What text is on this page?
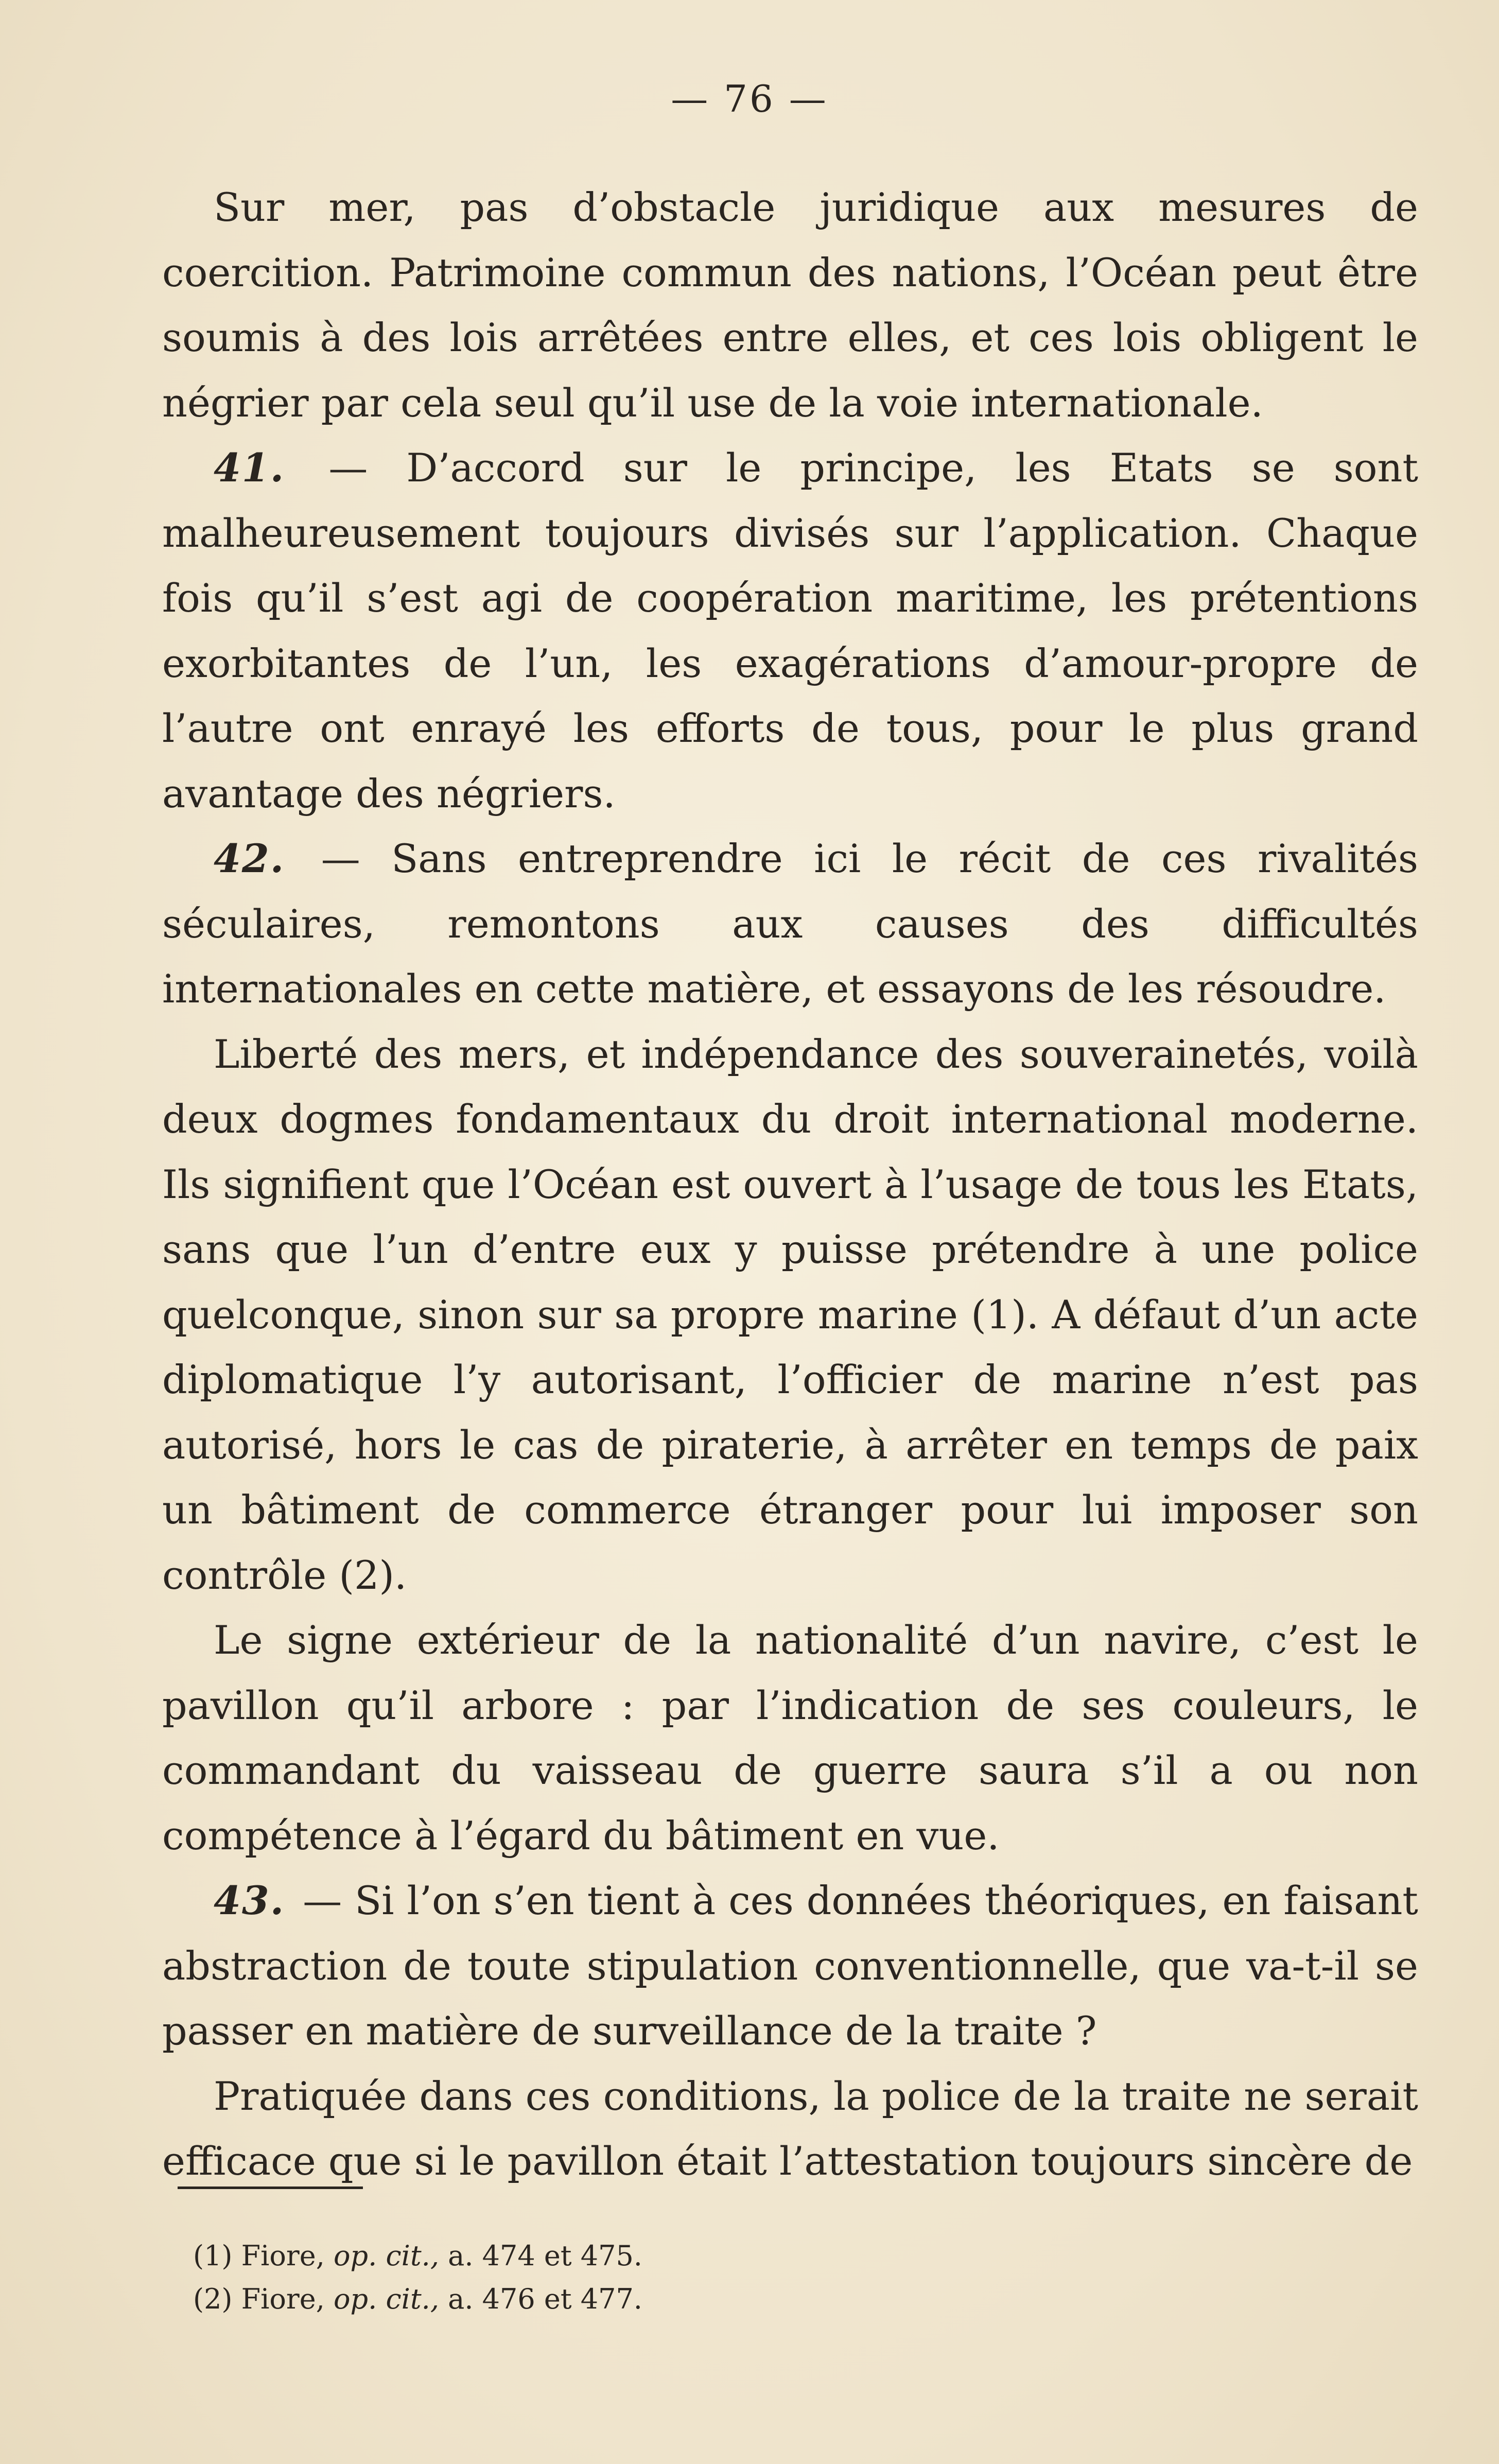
— 76 —

Sur mer, pas d’obstacle juridique aux mesures de coercition. Patrimoine commun des nations, l’Océan peut être soumis à des lois arrêtées entre elles, et ces lois obligent le négrier par cela seul qu’il use de la voie internationale.

41. — D’accord sur le principe, les Etats se sont malheureusement toujours divisés sur l’application. Chaque fois qu’il s’est agi de coopération maritime, les prétentions exorbitantes de l’un, les exagérations d’amour-propre de l’autre ont enrayé les efforts de tous, pour le plus grand avantage des négriers.

42. — Sans entreprendre ici le récit de ces rivalités séculaires, remontons aux causes des difficultés internationales en cette matière, et essayons de les résoudre.

Liberté des mers, et indépendance des souverainetés, voilà deux dogmes fondamentaux du droit international moderne. Ils signifient que l’Océan est ouvert à l’usage de tous les Etats, sans que l’un d’entre eux y puisse prétendre à une police quelconque, sinon sur sa propre marine (1). A défaut d’un acte diplomatique l’y autorisant, l’officier de marine n’est pas autorisé, hors le cas de piraterie, à arrêter en temps de paix un bâtiment de commerce étranger pour lui imposer son contrôle (2).

Le signe extérieur de la nationalité d’un navire, c’est le pavillon qu’il arbore : par l’indication de ses couleurs, le commandant du vaisseau de guerre saura s’il a ou non compétence à l’égard du bâtiment en vue.

43. — Si l’on s’en tient à ces données théoriques, en faisant abstraction de toute stipulation conventionnelle, que va-t-il se passer en matière de surveillance de la traite ?

Pratiquée dans ces conditions, la police de la traite ne serait efficace que si le pavillon était l’attestation toujours sincère de

(1) Fiore, op. cit., a. 474 et 475.

(2) Fiore, op. cit., a. 476 et 477.
